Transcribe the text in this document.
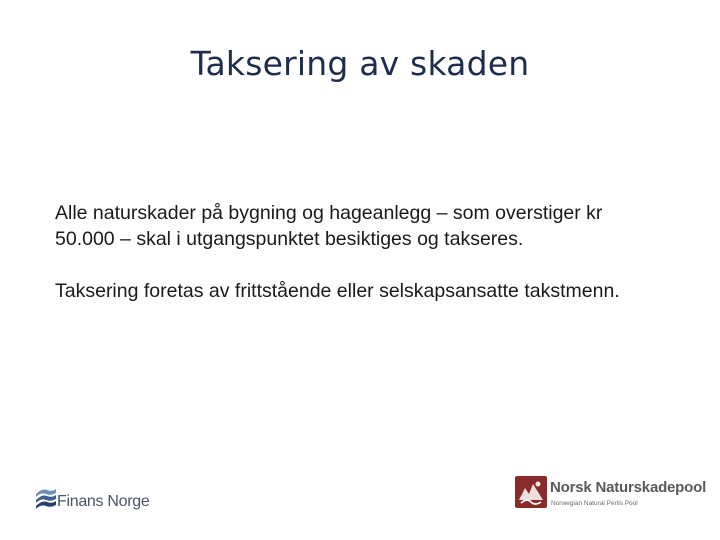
Taksering av skaden

Alle naturskader på bygning og hageanlegg – som overstiger kr 50.000 – skal i utgangspunktet besiktiges og takseres.

Taksering foretas av frittstående eller selskapsansatte takstmenn.

Finans Norge
Norsk Naturskadepool
Norwegian Natural Perils Pool
